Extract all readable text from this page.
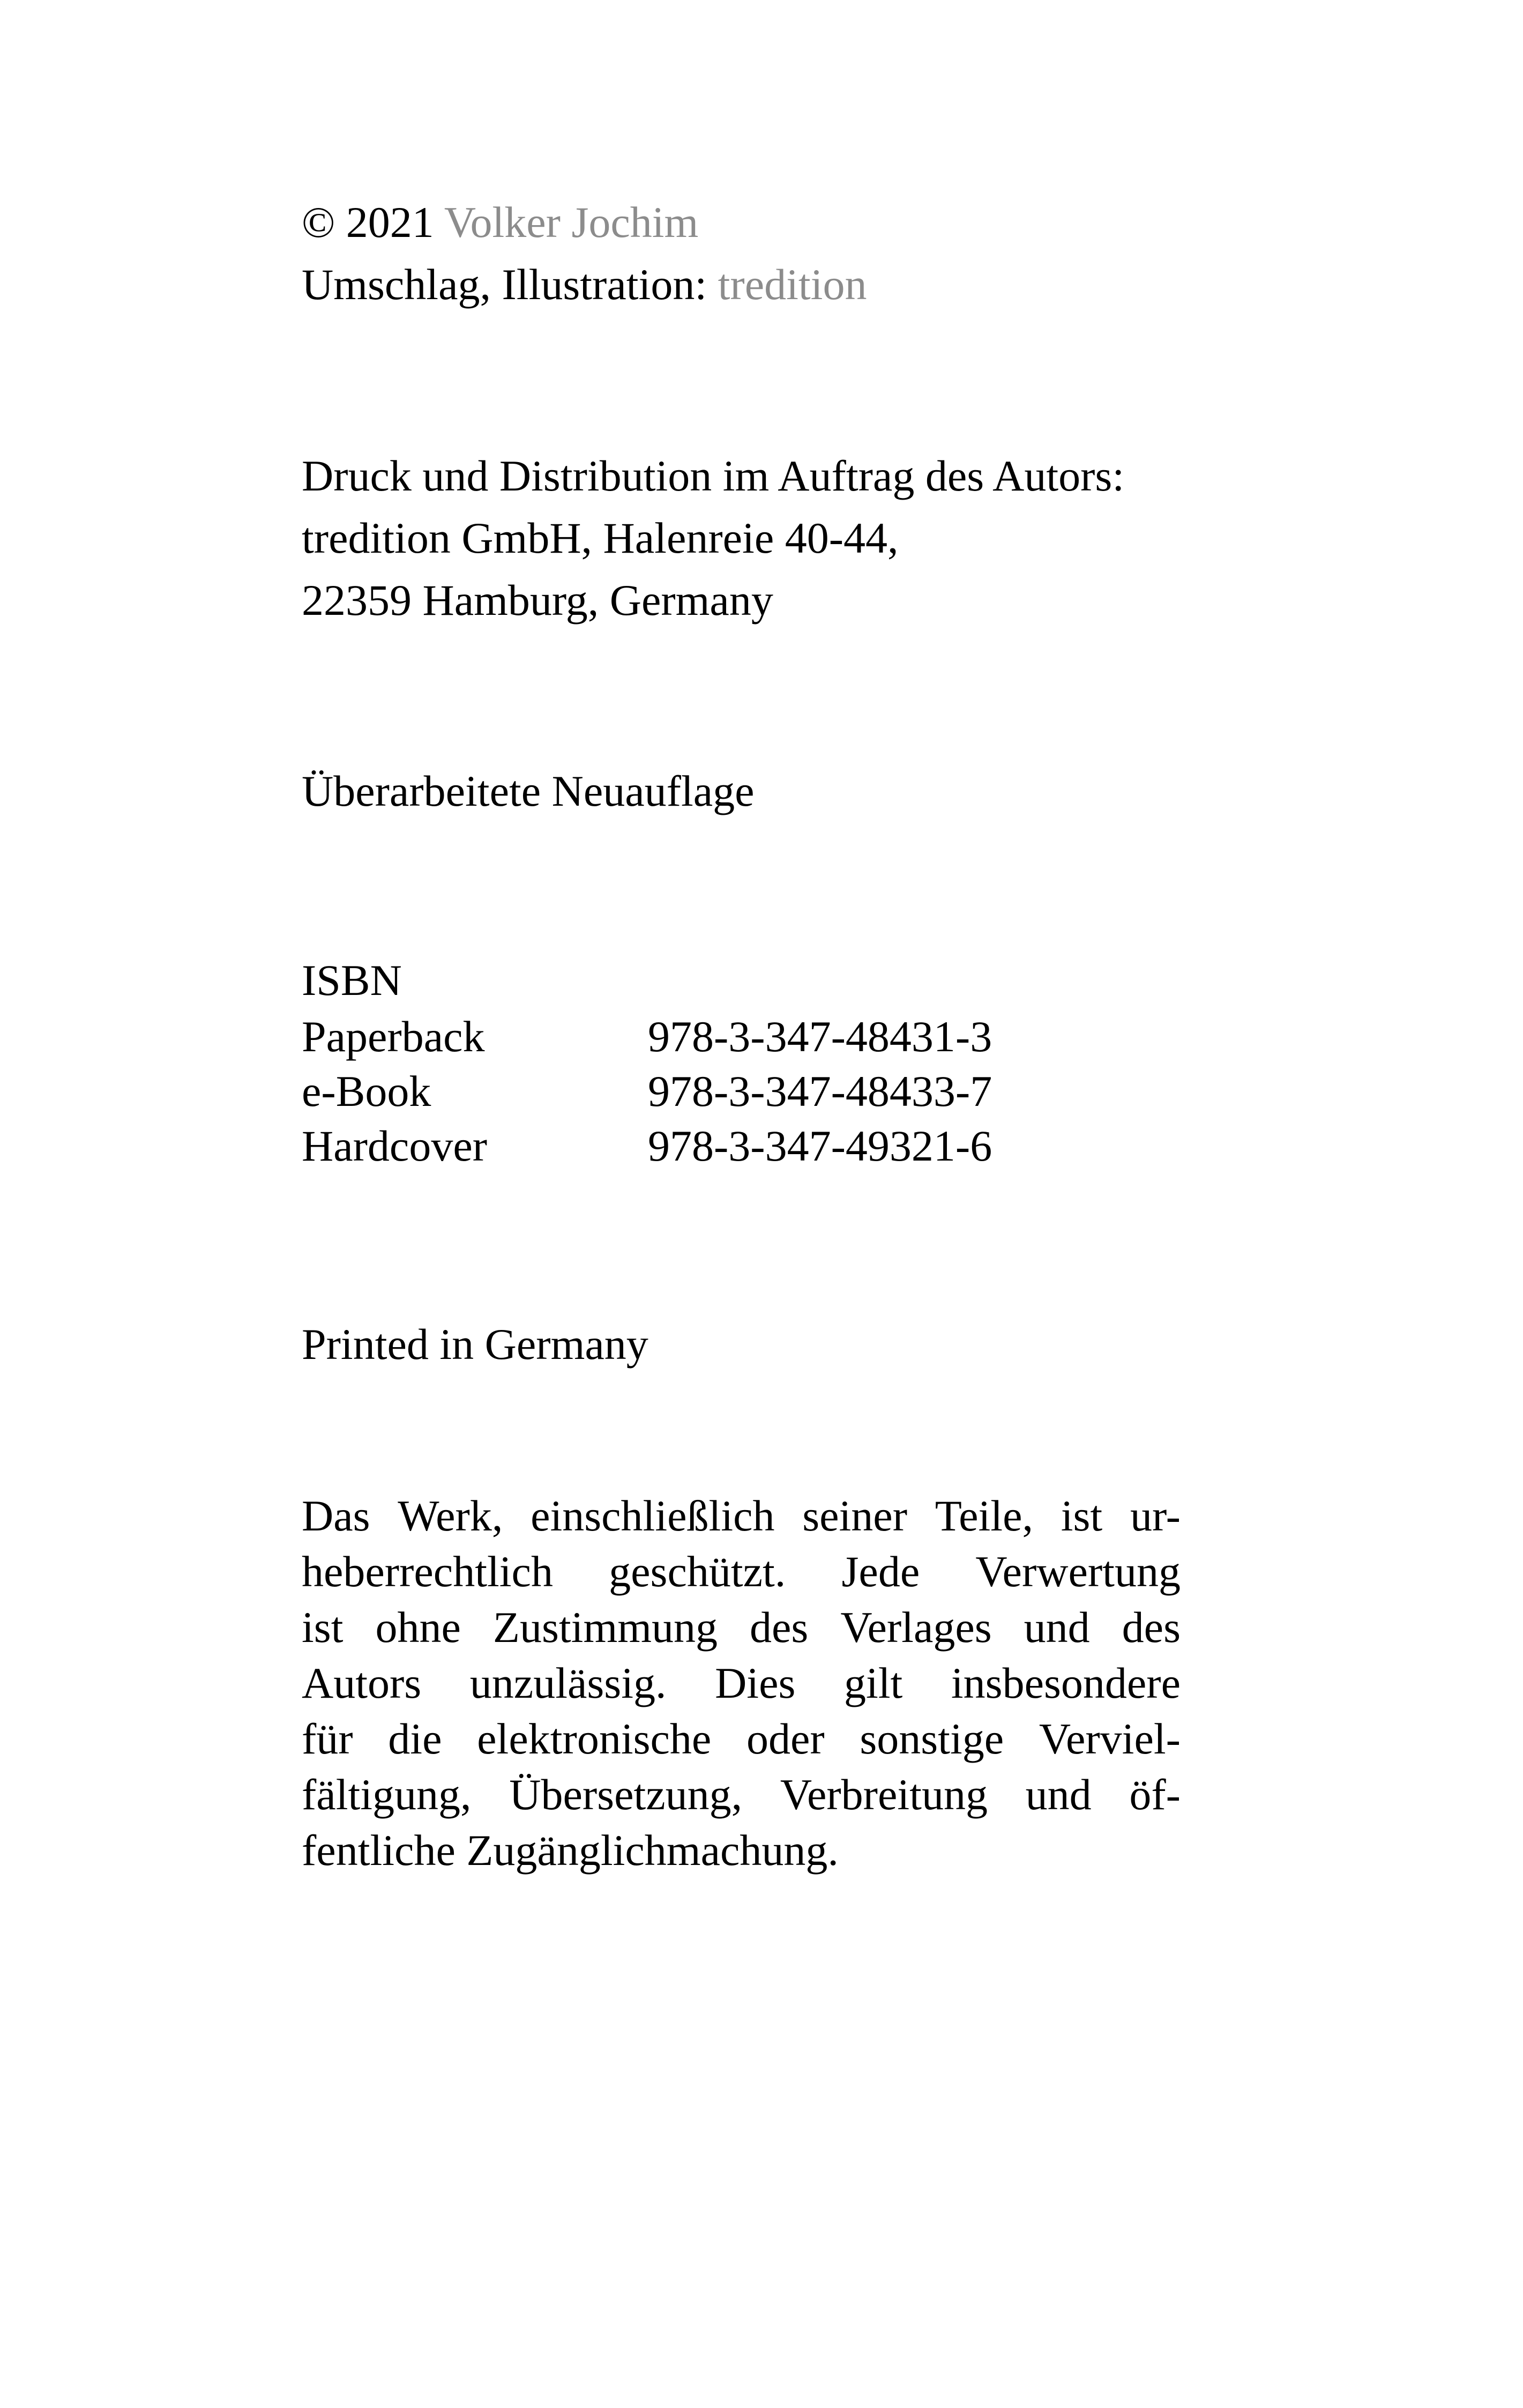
© 2021 Volker Jochim
Umschlag, Illustration: tredition
Druck und Distribution im Auftrag des Autors:
tredition GmbH, Halenreie 40-44,
22359 Hamburg, Germany
Überarbeitete Neuauflage
ISBN
Paperback	978-3-347-48431-3
e-Book	978-3-347-48433-7
Hardcover	978-3-347-49321-6
Printed in Germany
Das Werk, einschließlich seiner Teile, ist ur-
heberrechtlich geschützt. Jede Verwertung
ist ohne Zustimmung des Verlages und des
Autors unzulässig. Dies gilt insbesondere
für die elektronische oder sonstige Verviel-
fältigung, Übersetzung, Verbreitung und öf-
fentliche Zugänglichmachung.
